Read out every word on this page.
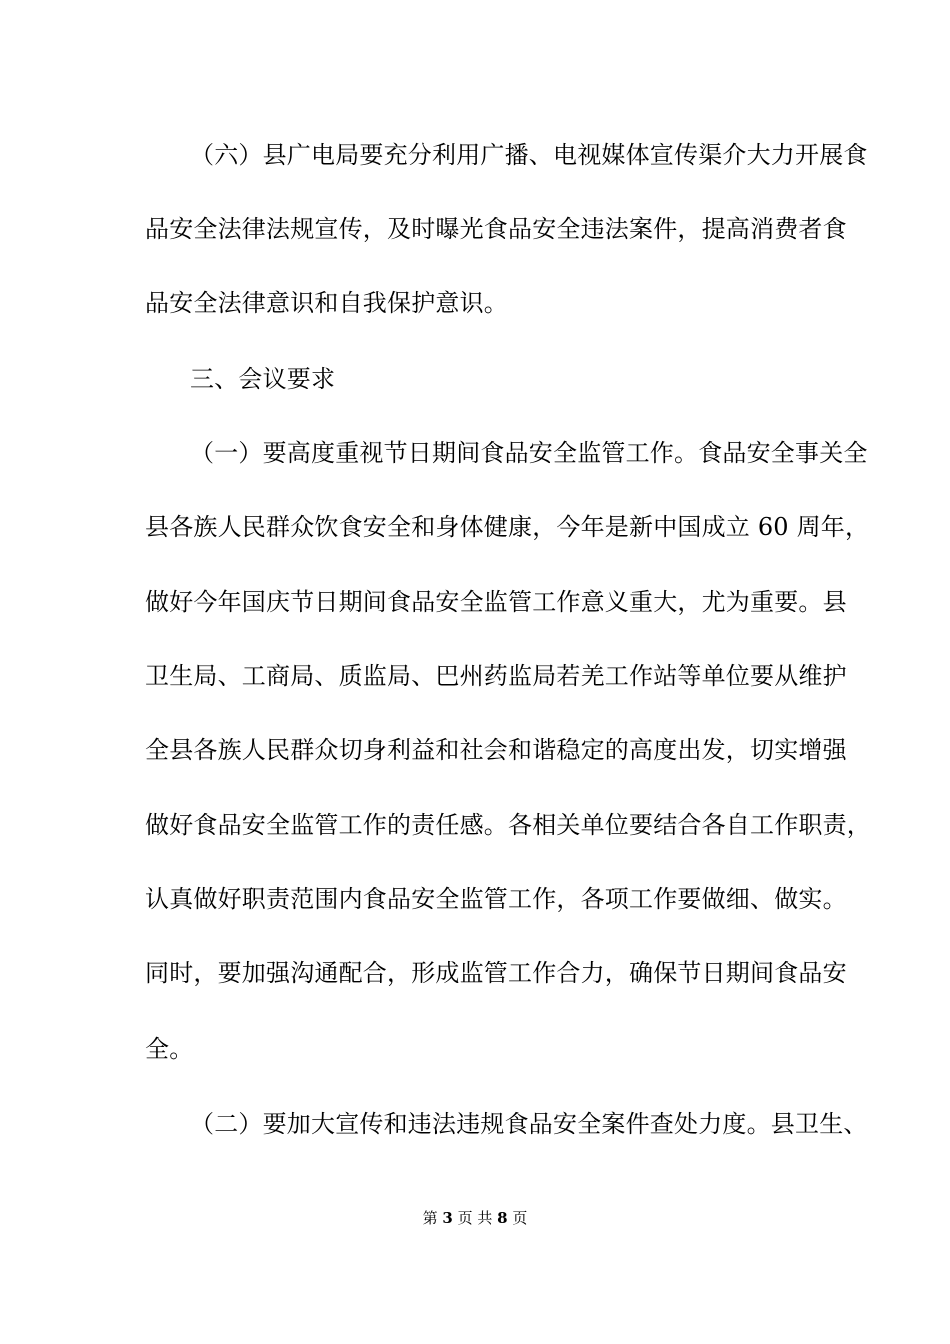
（六）县广电局要充分利用广播、电视媒体宣传渠介大力开展食
品安全法律法规宣传，及时曝光食品安全违法案件，提高消费者食
品安全法律意识和自我保护意识。
三、会议要求
（一）要高度重视节日期间食品安全监管工作。食品安全事关全
县各族人民群众饮食安全和身体健康，今年是新中国成立 60 周年，
做好今年国庆节日期间食品安全监管工作意义重大，尤为重要。县
卫生局、工商局、质监局、巴州药监局若羌工作站等单位要从维护
全县各族人民群众切身利益和社会和谐稳定的高度出发，切实增强
做好食品安全监管工作的责任感。各相关单位要结合各自工作职责，
认真做好职责范围内食品安全监管工作，各项工作要做细、做实。
同时，要加强沟通配合，形成监管工作合力，确保节日期间食品安
全。
（二）要加大宣传和违法违规食品安全案件查处力度。县卫生、
第 3 页 共 8 页
